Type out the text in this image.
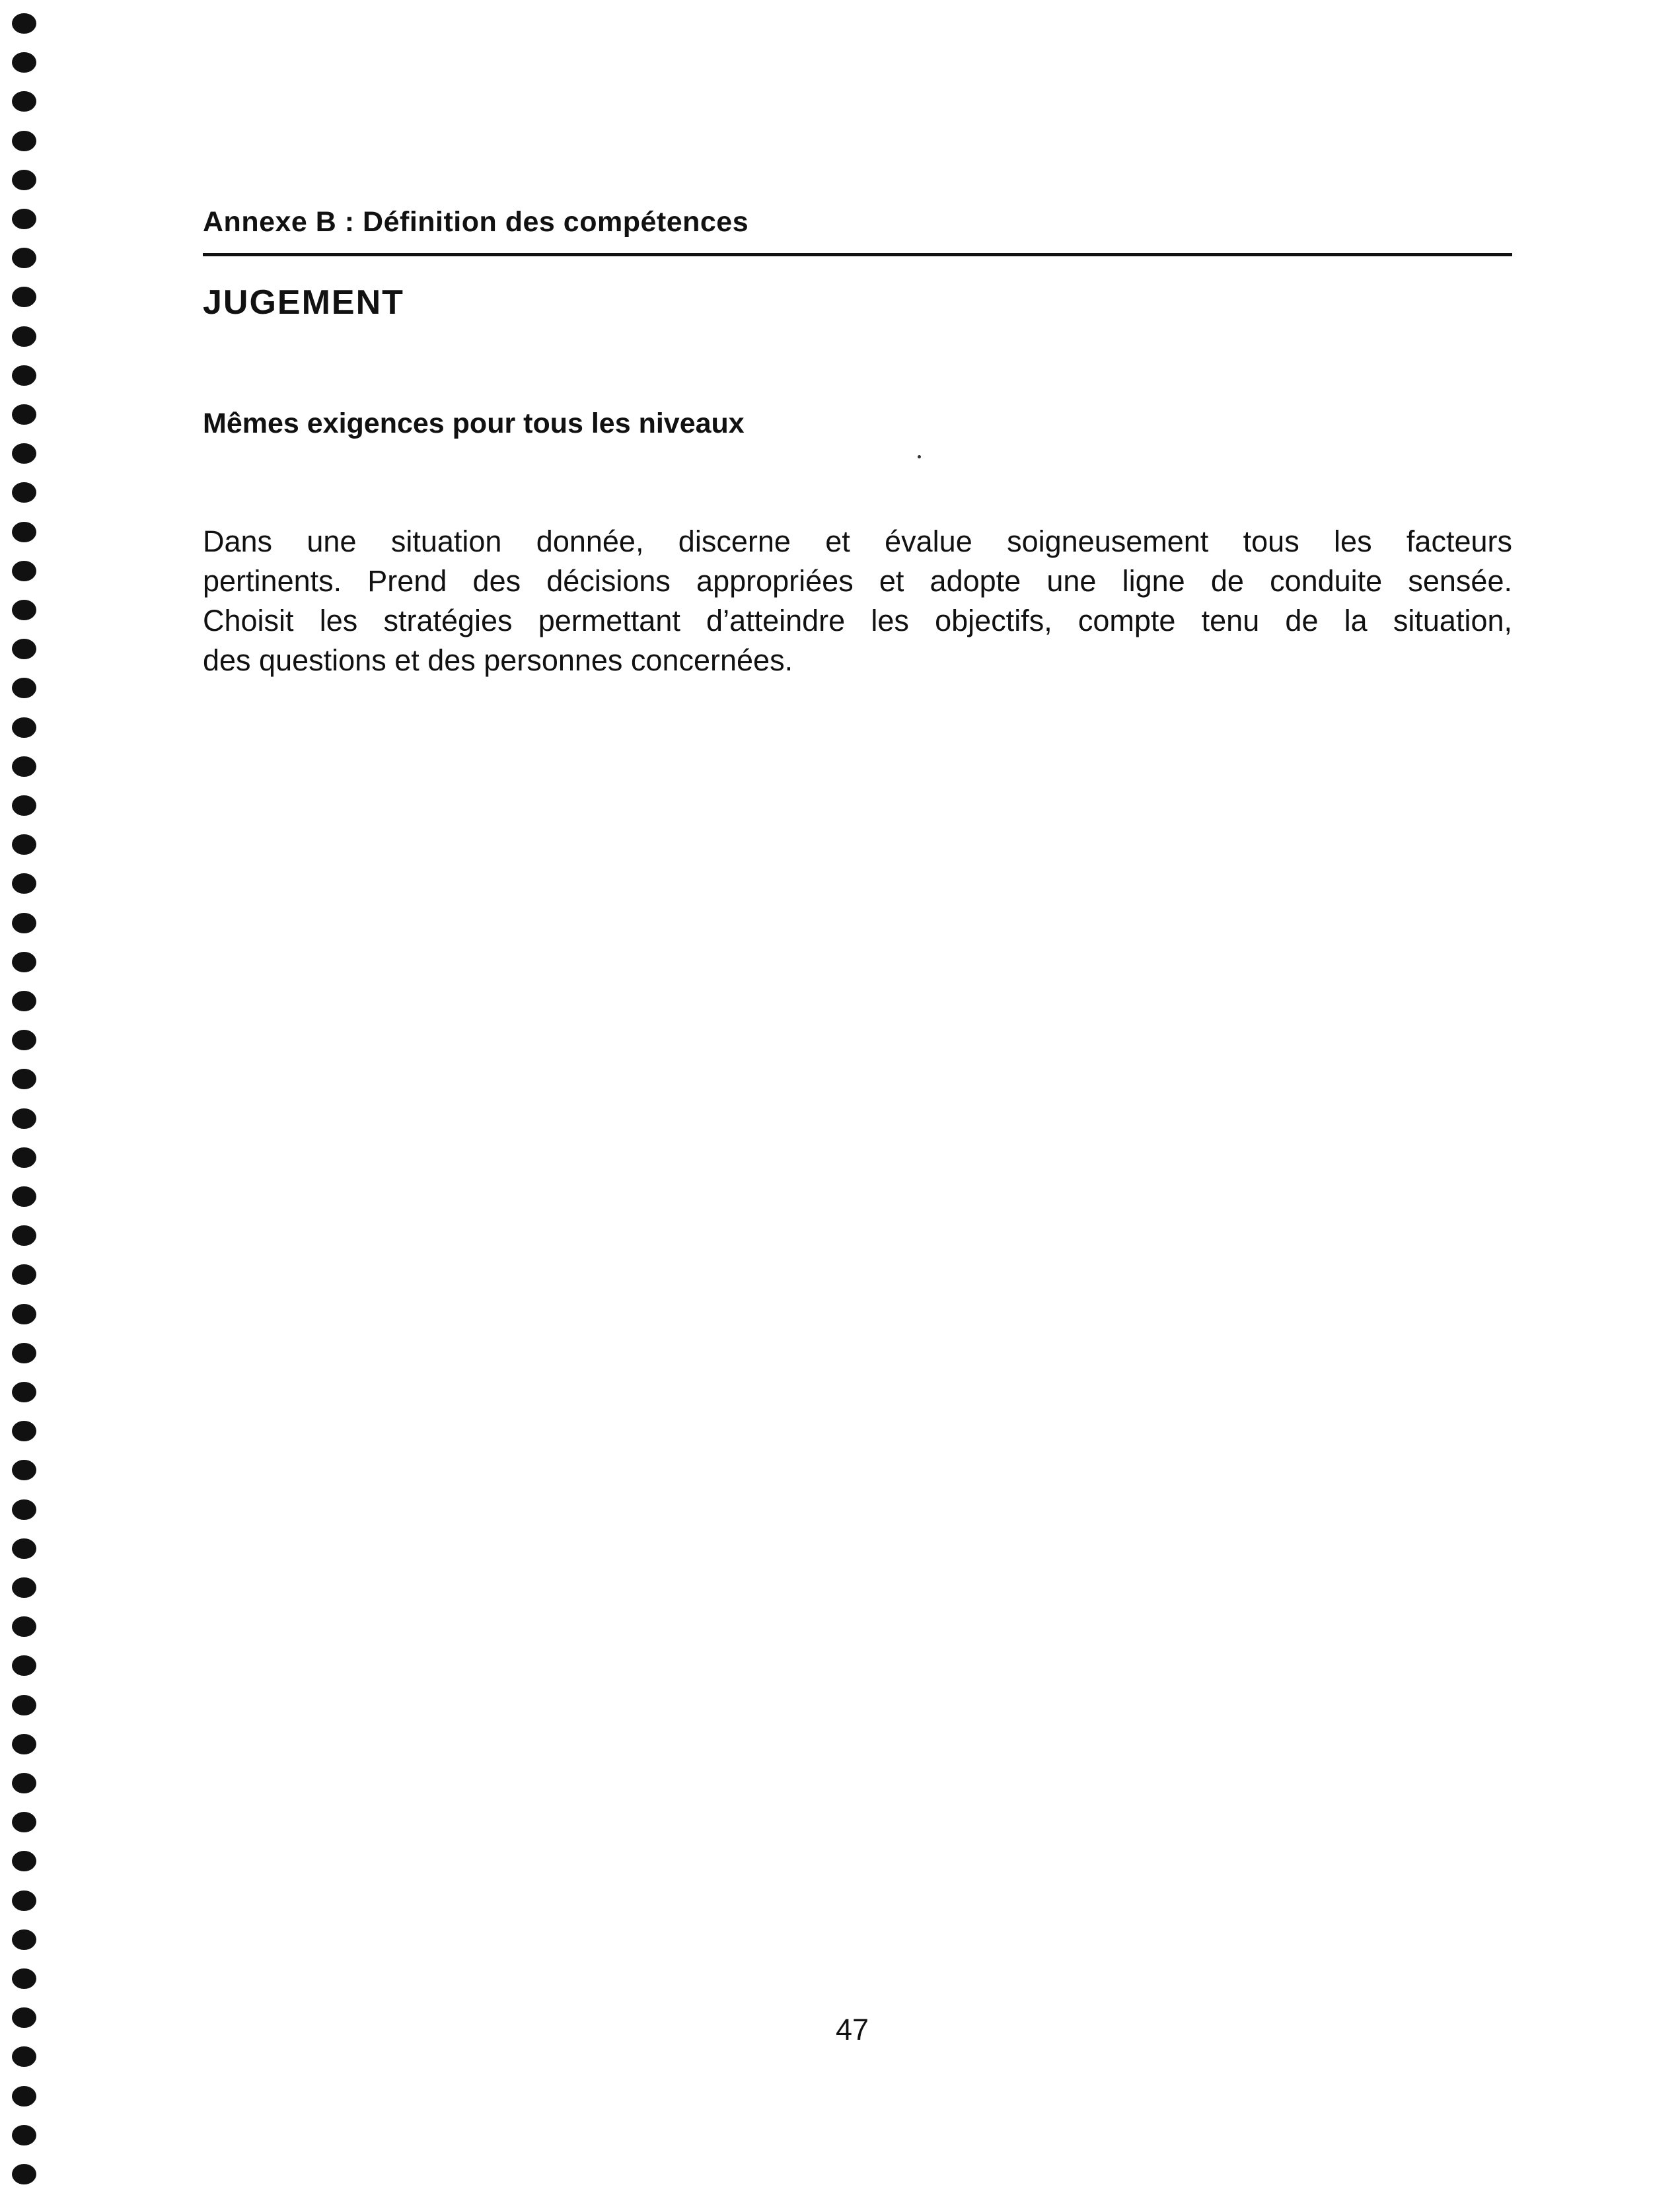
Annexe B : Définition des compétences
JUGEMENT
Mêmes exigences pour tous les niveaux
Dans une situation donnée, discerne et évalue soigneusement tous les facteurs
pertinents. Prend des décisions appropriées et adopte une ligne de conduite sensée.
Choisit les stratégies permettant d’atteindre les objectifs, compte tenu de la situation,
des questions et des personnes concernées.
47
